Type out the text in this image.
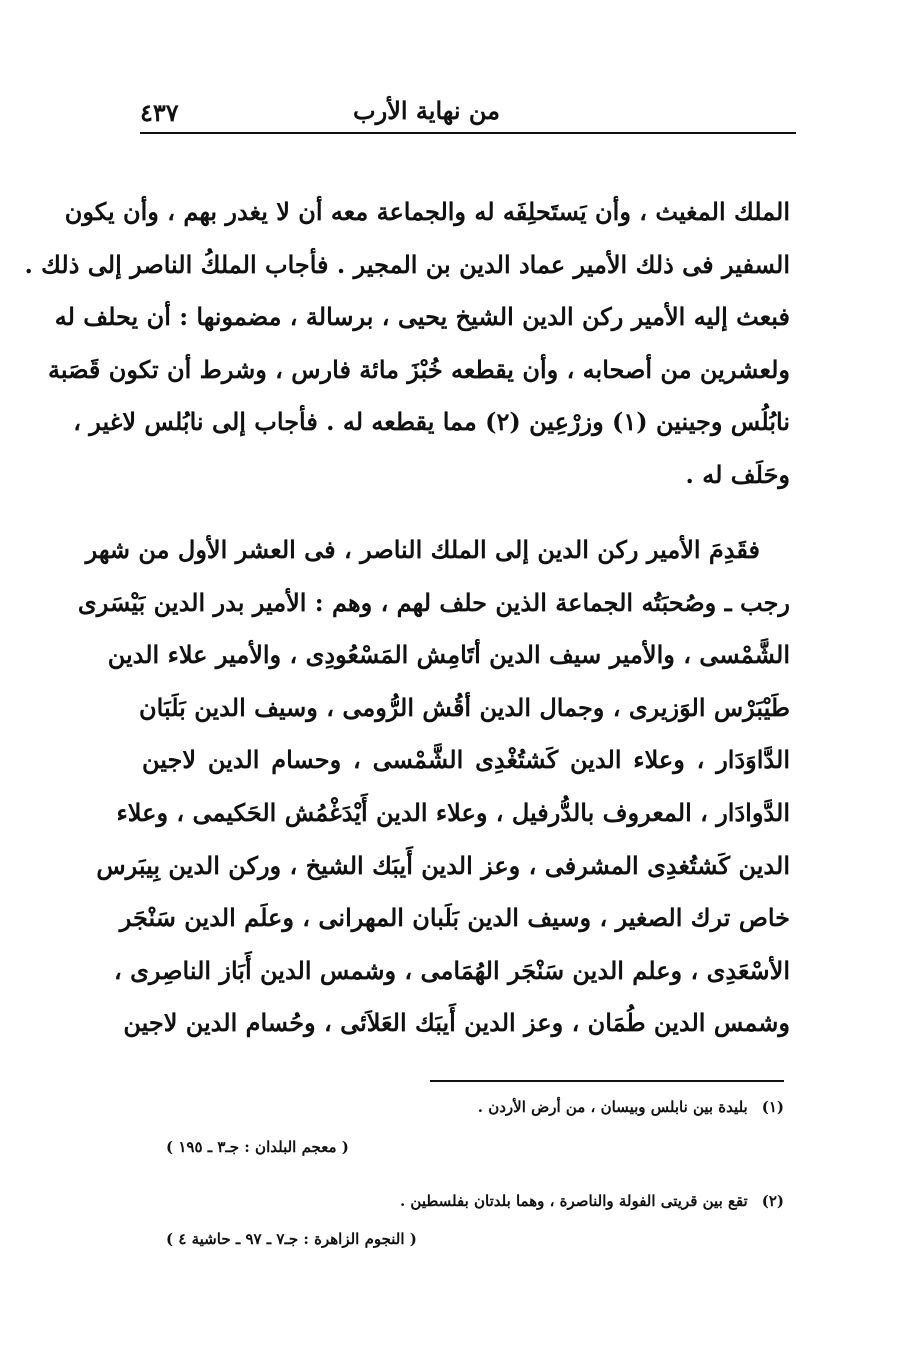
٤٣٧	من نهاية الأرب
الملك المغيث ، وأن يَستَحلِفَه له والجماعة معه أن لا يغدر بهم ، وأن يكون
السفير فى ذلك الأمير عماد الدين بن المجير . فأجاب الملكُ الناصر إلى ذلك .
فبعث إليه الأمير ركن الدين الشيخ يحيى ، برسالة ، مضمونها : أن يحلف له
ولعشرين من أصحابه ، وأن يقطعه خُبْزَ مائة فارس ، وشرط أن تكون قَصَبة
نابُلُس وجينين (١) وزرْعِين (٢) مما يقطعه له . فأجاب إلى نابُلس لاغير ،
وحَلَف له .
فقَدِمَ الأمير ركن الدين إلى الملك الناصر ، فى العشر الأول من شهر
رجب ـ وصُحبَتُه الجماعة الذين حلف لهم ، وهم : الأمير بدر الدين بَيْسَرى
الشَّمْسى ، والأمير سيف الدين أتَامِش المَسْعُودِى ، والأمير علاء الدين
طَيْبَرْس الوَزيرى ، وجمال الدين أقُش الرُّومى ، وسيف الدين بَلَبَان
الدَّاوَدَار ، وعلاء الدين كَشتُغْدِى الشَّمْسى ، وحسام الدين لاجين
الدَّوادَار ، المعروف بالدُّرفيل ، وعلاء الدين أَيْدَغْمُش الحَكيمى ، وعلاء
الدين كَشتُغدِى المشرفى ، وعز الدين أَيبَك الشيخ ، وركن الدين بِيبَرس
خاص ترك الصغير ، وسيف الدين بَلَبان المهرانى ، وعلَم الدين سَنْجَر
الأسْعَدِى ، وعلم الدين سَنْجَر الهُمَامى ، وشمس الدين أَبَاز الناصِرى ،
وشمس الدين طُمَان ، وعز الدين أَيبَك العَلاَئى ، وحُسام الدين لاجين
(١)بليدة بين نابلس وبيسان ، من أرض الأردن .
( معجم البلدان : جـ٣ ـ ١٩٥ )
(٢)تقع بين قريتى الفولة والناصرة ، وهما بلدتان بفلسطين .
( النجوم الزاهرة : جـ٧ ـ ٩٧ ـ حاشية ٤ )
